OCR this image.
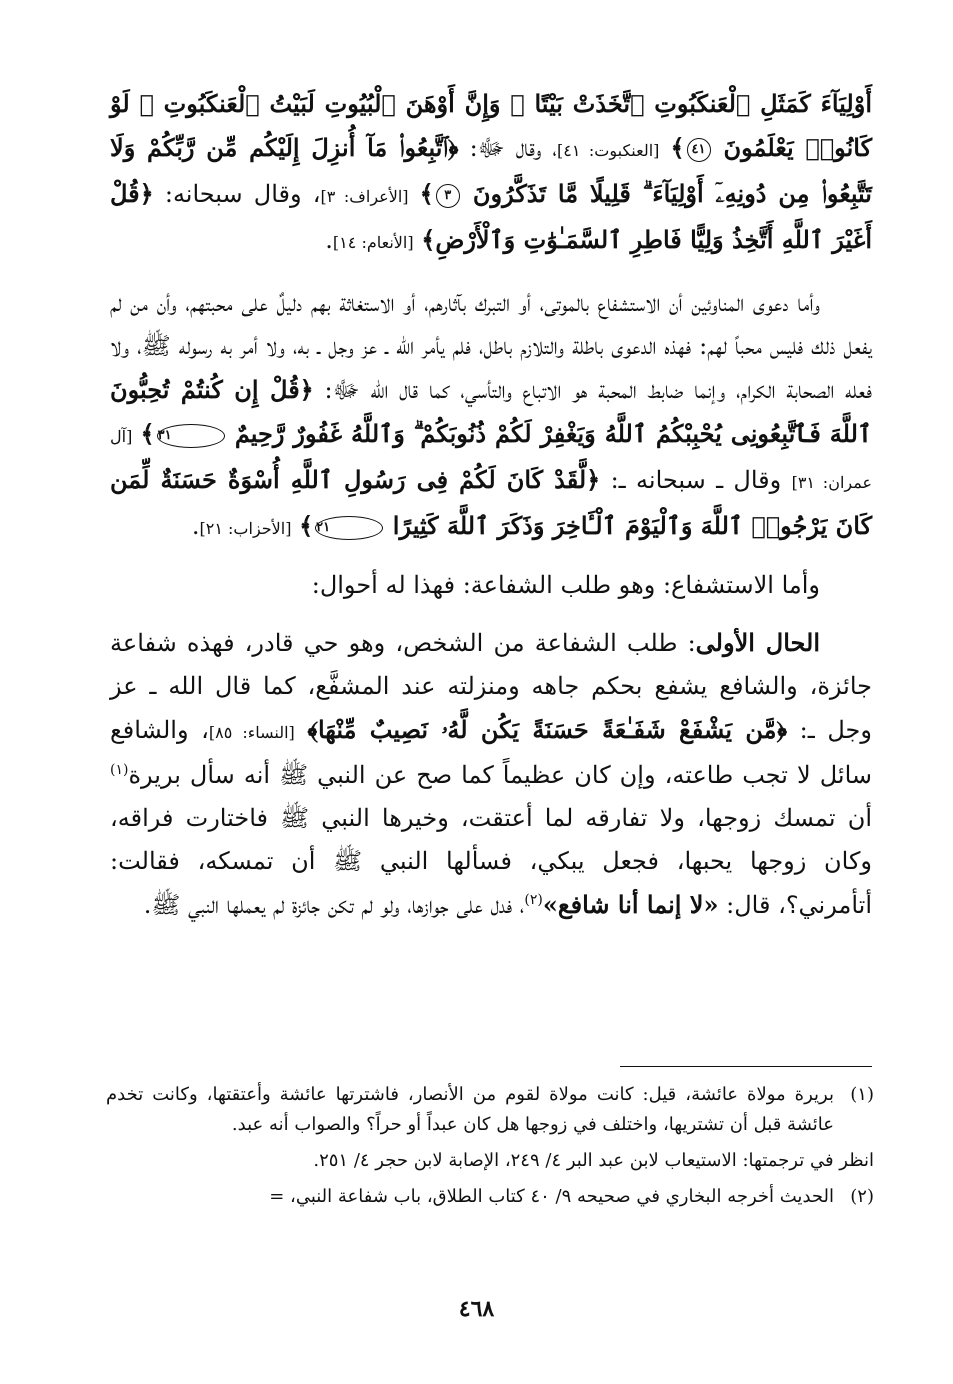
أَوْلِيَآءَ كَمَثَلِ ٱلْعَنكَبُوتِ ٱتَّخَذَتْ بَيْتًا ۖ وَإِنَّ أَوْهَنَ ٱلْبُيُوتِ لَبَيْتُ ٱلْعَنكَبُوتِ ۖ لَوْ كَانُوا۟ يَعْلَمُونَ ٤١﴾ [العنكبوت: ٤١]، وقال ﷻ: ﴿ٱتَّبِعُوا۟ مَآ أُنزِلَ إِلَيْكُم مِّن رَّبِّكُمْ وَلَا تَتَّبِعُوا۟ مِن دُونِهِۦٓ أَوْلِيَآءَ ۗ قَلِيلًا مَّا تَذَكَّرُونَ ٣﴾ [الأعراف: ٣]، وقال سبحانه: ﴿قُلْ أَغَيْرَ ٱللَّهِ أَتَّخِذُ وَلِيًّا فَاطِرِ ٱلسَّمَـٰوَٰتِ وَٱلْأَرْضِ﴾ [الأنعام: ١٤].

وأما دعوى المناوئين أن الاستشفاع بالموتى، أو التبرك بآثارهم، أو الاستغاثة بهم دليلٌ على محبتهم، وأن من لم يفعل ذلك فليس محباً لهم: فهذه الدعوى باطلة والتلازم باطل، فلم يأمر الله ـ عز وجل ـ به، ولا أمر به رسوله ﷺ، ولا فعله الصحابة الكرام، وإنما ضابط المحبة هو الاتباع والتأسي، كما قال الله ﷻ: ﴿قُلْ إِن كُنتُمْ تُحِبُّونَ ٱللَّهَ فَٱتَّبِعُونِى يُحْبِبْكُمُ ٱللَّهُ وَيَغْفِرْ لَكُمْ ذُنُوبَكُمْ ۗ وَٱللَّهُ غَفُورٌ رَّحِيمٌ ٣١﴾ [آل عمران: ٣١] وقال ـ سبحانه ـ: ﴿لَّقَدْ كَانَ لَكُمْ فِى رَسُولِ ٱللَّهِ أُسْوَةٌ حَسَنَةٌ لِّمَن كَانَ يَرْجُوا۟ ٱللَّهَ وَٱلْيَوْمَ ٱلْـَٔاخِرَ وَذَكَرَ ٱللَّهَ كَثِيرًا ٢١﴾ [الأحزاب: ٢١].

وأما الاستشفاع: وهو طلب الشفاعة: فهذا له أحوال:

الحال الأولى: طلب الشفاعة من الشخص، وهو حي قادر، فهذه شفاعة جائزة، والشافع يشفع بحكم جاهه ومنزلته عند المشفَّع، كما قال الله ـ عز وجل ـ: ﴿مَّن يَشْفَعْ شَفَـٰعَةً حَسَنَةً يَكُن لَّهُۥ نَصِيبٌ مِّنْهَا﴾ [النساء: ٨٥]، والشافع سائل لا تجب طاعته، وإن كان عظيماً كما صح عن النبي ﷺ أنه سأل بريرة$^{(١)}$ أن تمسك زوجها، ولا تفارقه لما أعتقت، وخيرها النبي ﷺ فاختارت فراقه، وكان زوجها يحبها، فجعل يبكي، فسألها النبي ﷺ أن تمسكه، فقالت: أتأمرني؟، قال: «لا إنما أنا شافع»$^{(٢)}$، فدل على جوازها، ولو لم تكن جائزة لم يعملها النبي ﷺ.

(١)
بريرة مولاة عائشة، قيل: كانت مولاة لقوم من الأنصار، فاشترتها عائشة وأعتقتها، وكانت تخدم عائشة قبل أن تشتريها، واختلف في زوجها هل كان عبداً أو حراً؟ والصواب أنه عبد.
انظر في ترجمتها: الاستيعاب لابن عبد البر ٤/ ٢٤٩، الإصابة لابن حجر ٤/ ٢٥١.
(٢)
الحديث أخرجه البخاري في صحيحه ٩/ ٤٠ كتاب الطلاق، باب شفاعة النبي، =
٤٦٨
